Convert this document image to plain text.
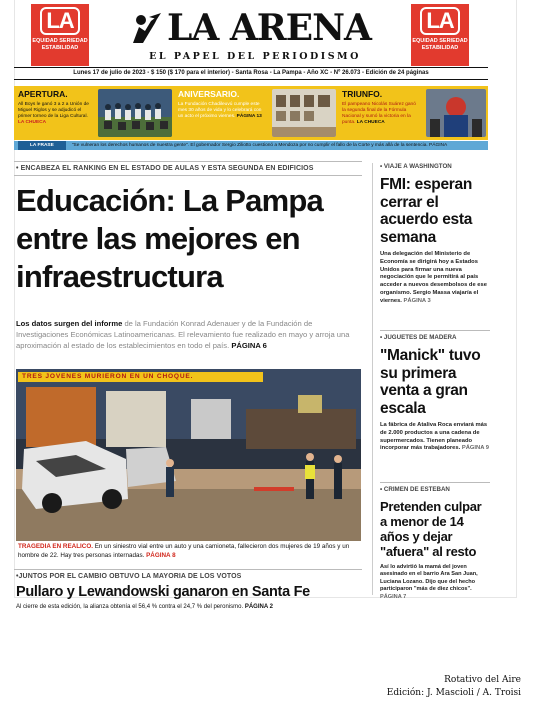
LA
EQUIDAD SERIEDAD ESTABILIDAD
LA
EQUIDAD SERIEDAD ESTABILIDAD
LA ARENA
EL PAPEL DEL PERIODISMO
Lunes 17 de julio de 2023 - $ 150 ($ 170 para el interior) - Santa Rosa - La Pampa - Año XC - Nº 26.073 - Edición de 24 páginas
APERTURA.
All Boys le ganó 3 a 2 a Unión de Miguel Riglos y se adjudicó el primer torneo de la Liga Cultural. LA CHUECA
ANIVERSARIO.
La Fundación Chadileuvú cumple este mes 30 años de vida y lo celebrará con un acto el próximo viernes. PÁGINA 13
TRIUNFO.
El pampeano Nicolás Suárez ganó la segunda final de la Fórmula Nacional y sumó la victoria en la punta. LA CHUECA
LA FRASE	"Se vulneran los derechos humanos de nuestra gente". El gobernador Sergio Ziliotto cuestionó a Mendoza por no cumplir el fallo de la Corte y más allá de la sentencia. PÁGINA
• ENCABEZA EL RANKING EN EL ESTADO DE AULAS Y ESTA SEGUNDA EN EDIFICIOS
Educación: La Pampa entre las mejores en infraestructura
Los datos surgen del informe de la Fundación Konrad Adenauer y de la Fundación de Investigaciones Económicas Latinoamericanas. El relevamiento fue realizado en mayo y arroja una aproximación al estado de los establecimientos en todo el país. PÁGINA 6
TRES JOVENES MURIERON EN UN CHOQUE.
TRAGEDIA EN REALICO. En un siniestro vial entre un auto y una camioneta, fallecieron dos mujeres de 19 años y un hombre de 22. Hay tres personas internadas. PÁGINA 8
•JUNTOS POR EL CAMBIO OBTUVO LA MAYORIA DE LOS VOTOS
Pullaro y Lewandowski ganaron en Santa Fe
Al cierre de esta edición, la alianza obtenía el 56,4 % contra el 24,7 % del peronismo. PÁGINA 2
• VIAJE A WASHINGTON
FMI: esperan cerrar el acuerdo esta semana
Una delegación del Ministerio de Economía se dirigirá hoy a Estados Unidos para firmar una nueva negociación que le permitirá al país acceder a nuevos desembolsos de ese organismo. Sergio Massa viajaría el viernes. PÁGINA 3
• JUGUETES DE MADERA
"Manick" tuvo su primera venta a gran escala
La fábrica de Ataliva Roca enviará más de 2.000 productos a una cadena de supermercados. Tienen planeado incorporar más trabajadores. PÁGINA 9
• CRIMEN DE ESTEBAN
Pretenden culpar a menor de 14 años y dejar "afuera" al resto
Así lo advirtió la mamá del joven asesinado en el barrio Ara San Juan, Luciana Lozano. Dijo que del hecho participaron "más de diez chicos". PÁGINA 7
Rotativo del Aire
Edición: J. Mascioli / A. Troisi
